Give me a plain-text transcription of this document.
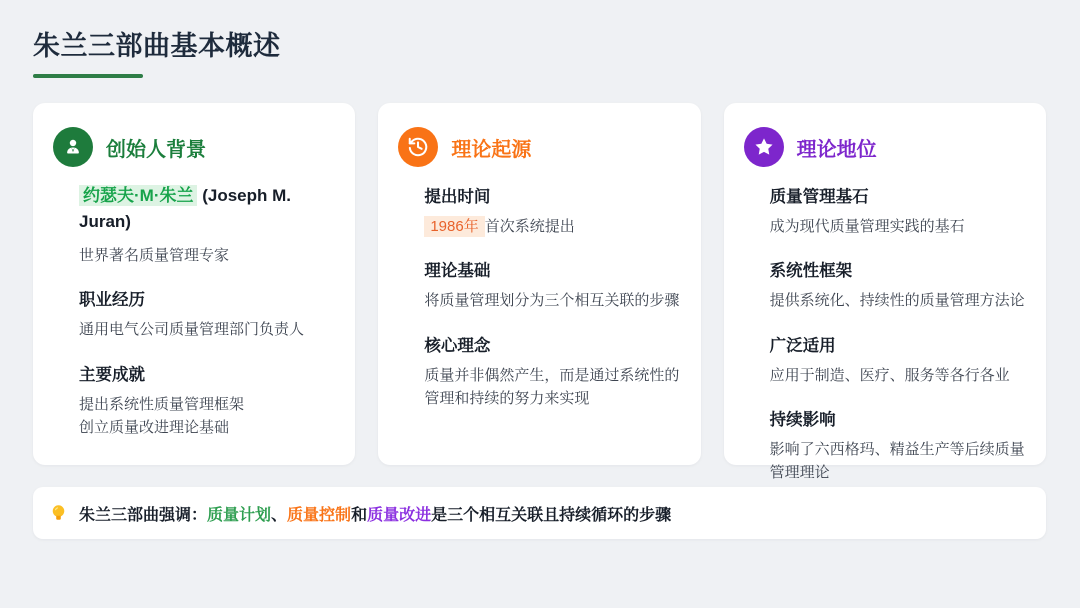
朱兰三部曲基本概述
创始人背景

约瑟夫·M·朱兰 (Joseph M. Juran)

世界著名质量管理专家

职业经历

通用电气公司质量管理部门负责人

主要成就

提出系统性质量管理框架

创立质量改进理论基础

理论起源
提出时间

1986年 首次系统提出

理论基础

将质量管理划分为三个相互关联的步骤

核心理念

质量并非偶然产生，而是通过系统性的管理和持续的努力来实现

理论地位
质量管理基石

成为现代质量管理实践的基石

系统性框架

提供系统化、持续性的质量管理方法论

广泛适用

应用于制造、医疗、服务等各行各业

持续影响

影响了六西格玛、精益生产等后续质量管理理论

朱兰三部曲强调：质量计划、质量控制和质量改进是三个相互关联且持续循环的步骤
